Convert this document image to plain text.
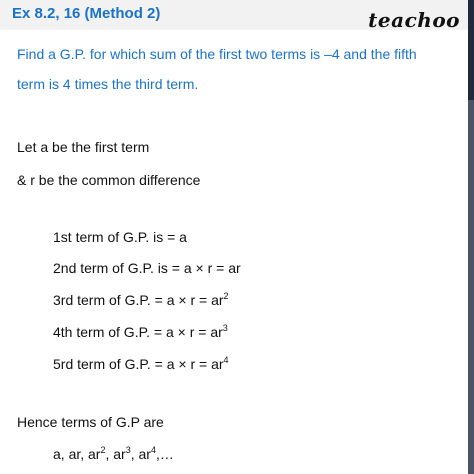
Ex 8.2, 16 (Method 2)	teachoo
Find a G.P. for which sum of the first two terms is –4 and the fifth
term is 4 times the third term.
Let a be the first term
& r be the common difference
1st term of G.P. is = a
2nd term of G.P. is = a × r = ar
3rd term of G.P. = $a \times r = ar^2$
4th term of G.P. = $a \times r = ar^3$
5rd term of G.P. = $a \times r = ar^4$
Hence terms of G.P are
a, ar, $ar^2$, $ar^3$, $ar^4,\dots$
